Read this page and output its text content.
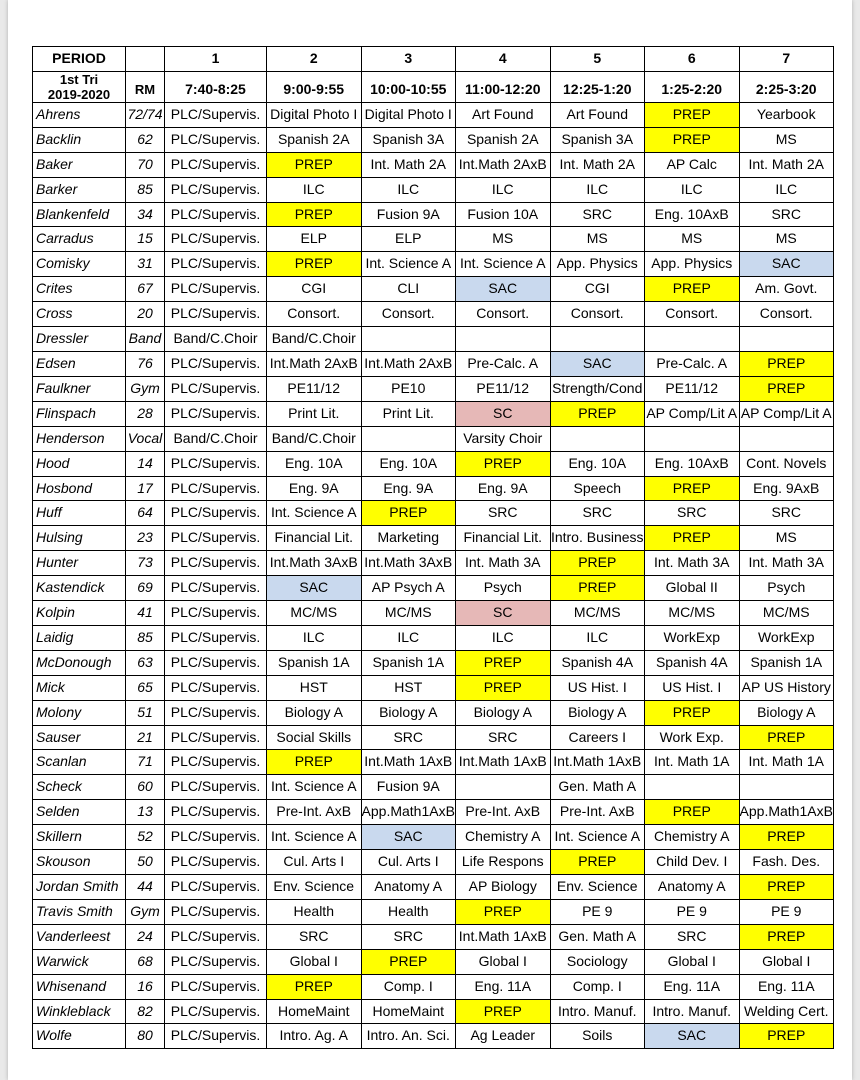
PERIOD		1	2	3	4	5	6	7
1st Tri
2019-2020	RM	7:40-8:25	9:00-9:55	10:00-10:55	11:00-12:20	12:25-1:20	1:25-2:20	2:25-3:20
Ahrens	72/74	PLC/Supervis.	Digital Photo I	Digital Photo I	Art Found	Art Found	PREP	Yearbook
Backlin	62	PLC/Supervis.	Spanish 2A	Spanish 3A	Spanish 2A	Spanish 3A	PREP	MS
Baker	70	PLC/Supervis.	PREP	Int. Math 2A	Int.Math 2AxB	Int. Math 2A	AP Calc	Int. Math 2A
Barker	85	PLC/Supervis.	ILC	ILC	ILC	ILC	ILC	ILC
Blankenfeld	34	PLC/Supervis.	PREP	Fusion 9A	Fusion 10A	SRC	Eng. 10AxB	SRC
Carradus	15	PLC/Supervis.	ELP	ELP	MS	MS	MS	MS
Comisky	31	PLC/Supervis.	PREP	Int. Science A	Int. Science A	App. Physics	App. Physics	SAC
Crites	67	PLC/Supervis.	CGI	CLI	SAC	CGI	PREP	Am. Govt.
Cross	20	PLC/Supervis.	Consort.	Consort.	Consort.	Consort.	Consort.	Consort.
Dressler	Band	Band/C.Choir	Band/C.Choir					
Edsen	76	PLC/Supervis.	Int.Math 2AxB	Int.Math 2AxB	Pre-Calc. A	SAC	Pre-Calc. A	PREP
Faulkner	Gym	PLC/Supervis.	PE11/12	PE10	PE11/12	Strength/Cond	PE11/12	PREP
Flinspach	28	PLC/Supervis.	Print Lit.	Print Lit.	SC	PREP	AP Comp/Lit A	AP Comp/Lit A
Henderson	Vocal	Band/C.Choir	Band/C.Choir		Varsity Choir			
Hood	14	PLC/Supervis.	Eng. 10A	Eng. 10A	PREP	Eng. 10A	Eng. 10AxB	Cont. Novels
Hosbond	17	PLC/Supervis.	Eng. 9A	Eng. 9A	Eng. 9A	Speech	PREP	Eng. 9AxB
Huff	64	PLC/Supervis.	Int. Science A	PREP	SRC	SRC	SRC	SRC
Hulsing	23	PLC/Supervis.	Financial Lit.	Marketing	Financial Lit.	Intro. Business	PREP	MS
Hunter	73	PLC/Supervis.	Int.Math 3AxB	Int.Math 3AxB	Int. Math 3A	PREP	Int. Math 3A	Int. Math 3A
Kastendick	69	PLC/Supervis.	SAC	AP Psych A	Psych	PREP	Global II	Psych
Kolpin	41	PLC/Supervis.	MC/MS	MC/MS	SC	MC/MS	MC/MS	MC/MS
Laidig	85	PLC/Supervis.	ILC	ILC	ILC	ILC	WorkExp	WorkExp
McDonough	63	PLC/Supervis.	Spanish 1A	Spanish 1A	PREP	Spanish 4A	Spanish 4A	Spanish 1A
Mick	65	PLC/Supervis.	HST	HST	PREP	US Hist. I	US Hist. I	AP US History
Molony	51	PLC/Supervis.	Biology A	Biology A	Biology A	Biology A	PREP	Biology A
Sauser	21	PLC/Supervis.	Social Skills	SRC	SRC	Careers I	Work Exp.	PREP
Scanlan	71	PLC/Supervis.	PREP	Int.Math 1AxB	Int.Math 1AxB	Int.Math 1AxB	Int. Math 1A	Int. Math 1A
Scheck	60	PLC/Supervis.	Int. Science A	Fusion 9A		Gen. Math A		
Selden	13	PLC/Supervis.	Pre-Int. AxB	App.Math1AxB	Pre-Int. AxB	Pre-Int. AxB	PREP	App.Math1AxB
Skillern	52	PLC/Supervis.	Int. Science A	SAC	Chemistry A	Int. Science A	Chemistry A	PREP
Skouson	50	PLC/Supervis.	Cul. Arts I	Cul. Arts I	Life Respons	PREP	Child Dev. I	Fash. Des.
Jordan Smith	44	PLC/Supervis.	Env. Science	Anatomy A	AP Biology	Env. Science	Anatomy A	PREP
Travis Smith	Gym	PLC/Supervis.	Health	Health	PREP	PE 9	PE 9	PE 9
Vanderleest	24	PLC/Supervis.	SRC	SRC	Int.Math 1AxB	Gen. Math A	SRC	PREP
Warwick	68	PLC/Supervis.	Global I	PREP	Global I	Sociology	Global I	Global I
Whisenand	16	PLC/Supervis.	PREP	Comp. I	Eng. 11A	Comp. I	Eng. 11A	Eng. 11A
Winkleblack	82	PLC/Supervis.	HomeMaint	HomeMaint	PREP	Intro. Manuf.	Intro. Manuf.	Welding Cert.
Wolfe	80	PLC/Supervis.	Intro. Ag. A	Intro. An. Sci.	Ag Leader	Soils	SAC	PREP
